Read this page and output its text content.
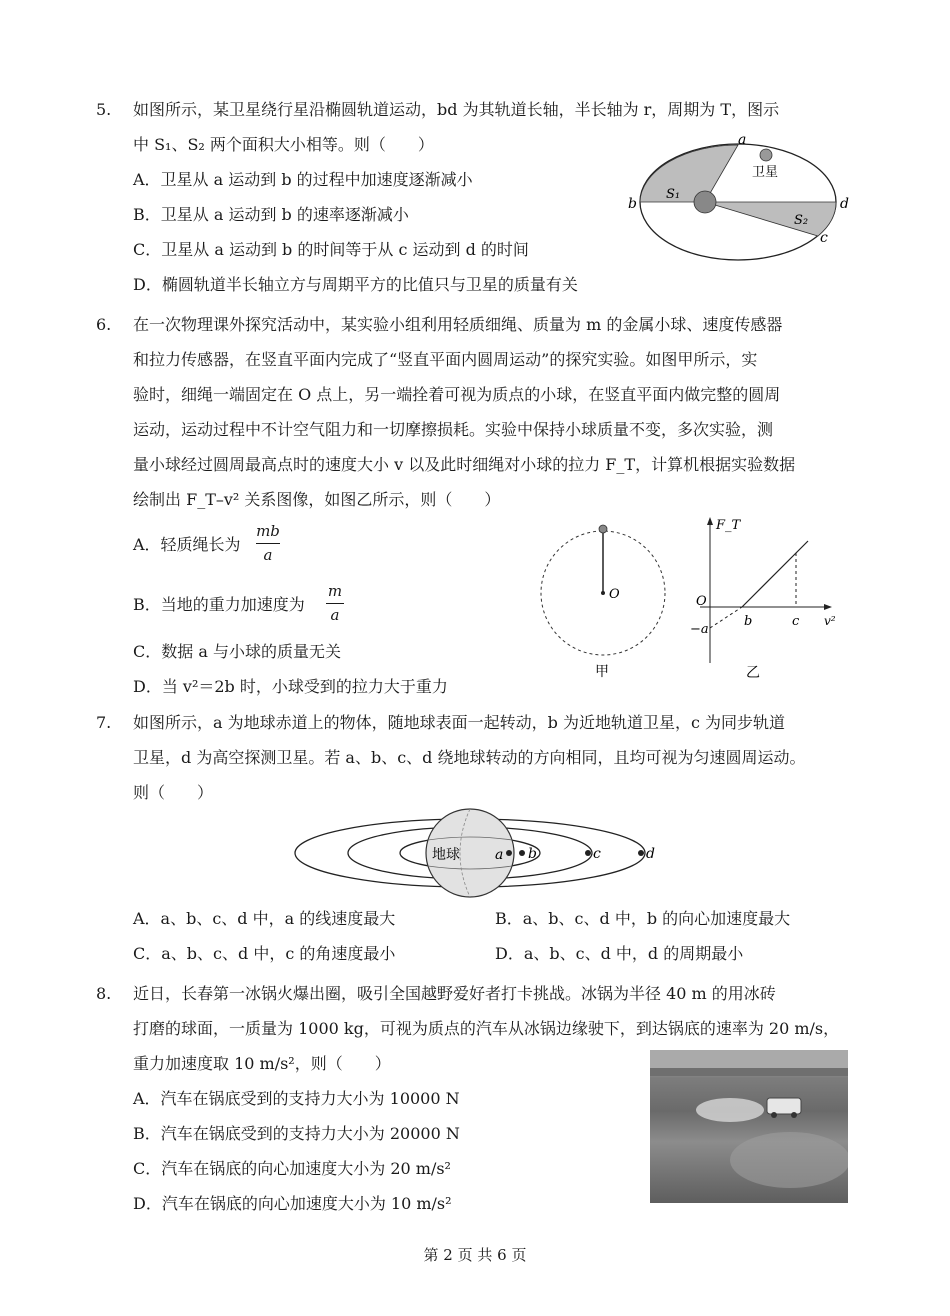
5. 如图所示，某卫星绕行星沿椭圆轨道运动，bd 为其轨道长轴，半长轴为 r，周期为 T，图示
中 S₁、S₂ 两个面积大小相等。则（　　）
A．卫星从 a 运动到 b 的过程中加速度逐渐减小
B．卫星从 a 运动到 b 的速率逐渐减小
C．卫星从 a 运动到 b 的时间等于从 c 运动到 d 的时间
D．椭圆轨道半长轴立方与周期平方的比值只与卫星的质量有关
a
b
c
d
卫星
S₁
S₂
6. 在一次物理课外探究活动中，某实验小组利用轻质细绳、质量为 m 的金属小球、速度传感器
和拉力传感器，在竖直平面内完成了“竖直平面内圆周运动”的探究实验。如图甲所示，实
验时，细绳一端固定在 O 点上，另一端拴着可视为质点的小球，在竖直平面内做完整的圆周
运动，运动过程中不计空气阻力和一切摩擦损耗。实验中保持小球质量不变，多次实验，测
量小球经过圆周最高点时的速度大小 v 以及此时细绳对小球的拉力 F_T，计算机根据实验数据
绘制出 F_T–v² 关系图像，如图乙所示，则（　　）
A．轻质绳长为
mb
a
B．当地的重力加速度为
m
a
C．数据 a 与小球的质量无关
D．当 v²＝2b 时，小球受到的拉力大于重力
O
甲
F_T
O
−a
b	c v²
乙
7. 如图所示，a 为地球赤道上的物体，随地球表面一起转动，b 为近地轨道卫星，c 为同步轨道
卫星，d 为高空探测卫星。若 a、b、c、d 绕地球转动的方向相同，且均可视为匀速圆周运动。
则（　　）
地球	a b	c	d
A．a、b、c、d 中，a 的线速度最大	B．a、b、c、d 中，b 的向心加速度最大
C．a、b、c、d 中，c 的角速度最小	D．a、b、c、d 中，d 的周期最小
8. 近日，长春第一冰锅火爆出圈，吸引全国越野爱好者打卡挑战。冰锅为半径 40 m 的用冰砖
打磨的球面，一质量为 1000 kg，可视为质点的汽车从冰锅边缘驶下，到达锅底的速率为 20 m/s，
重力加速度取 10 m/s²，则（　　）
A．汽车在锅底受到的支持力大小为 10000 N
B．汽车在锅底受到的支持力大小为 20000 N
C．汽车在锅底的向心加速度大小为 20 m/s²
D．汽车在锅底的向心加速度大小为 10 m/s²
第 2 页 共 6 页
